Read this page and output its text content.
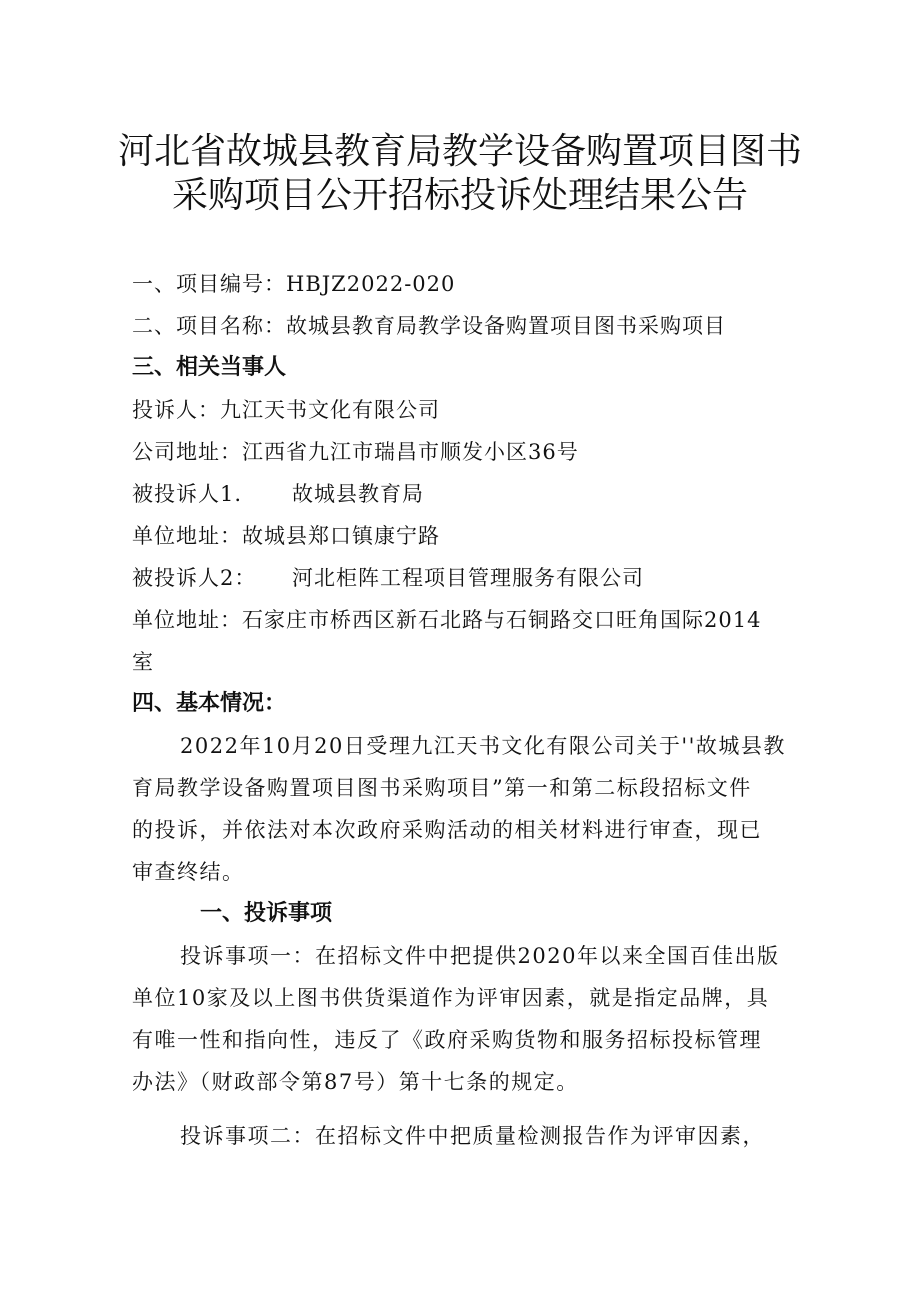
河北省故城县教育局教学设备购置项目图书
采购项目公开招标投诉处理结果公告
一、项目编号：HBJZ2022-020
二、项目名称：故城县教育局教学设备购置项目图书采购项目
三、相关当事人
投诉人：九江天书文化有限公司
公司地址：江西省九江市瑞昌市顺发小区36号
被投诉人1. 故城县教育局
单位地址：故城县郑口镇康宁路
被投诉人2： 河北柜阵工程项目管理服务有限公司
单位地址：石家庄市桥西区新石北路与石铜路交口旺角国际2014
室
四、基本情况：
2022年10月20日受理九江天书文化有限公司关于''故城县教
育局教学设备购置项目图书采购项目”第一和第二标段招标文件
的投诉，并依法对本次政府采购活动的相关材料进行审查，现已
审查终结。
一、投诉事项
投诉事项一：在招标文件中把提供2020年以来全国百佳出版
单位10家及以上图书供货渠道作为评审因素，就是指定品牌，具
有唯一性和指向性，违反了《政府采购货物和服务招标投标管理
办法》（财政部令第87号）第十七条的规定。
投诉事项二：在招标文件中把质量检测报告作为评审因素，
